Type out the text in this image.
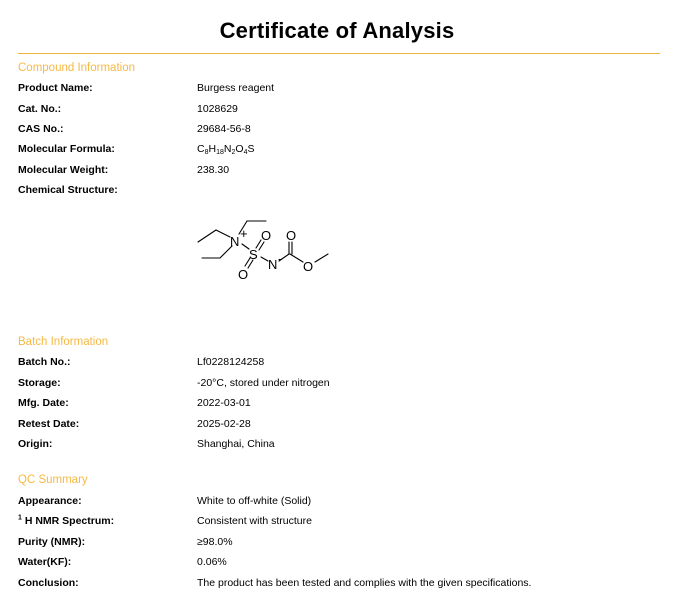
Certificate of Analysis
Compound Information
Product Name:	Burgess reagent
Cat. No.:	1028629
CAS No.:	29684-56-8
Molecular Formula:	$C_8H_{18}N_2O_4S$
Molecular Weight:	238.30
Chemical Structure:
N
+
S
O
O
N -
O
O
Batch Information
Batch No.:	Lf0228124258
Storage:	-20°C, stored under nitrogen
Mfg. Date:	2022-03-01
Retest Date:	2025-02-28
Origin:	Shanghai, China
QC Summary
Appearance:	White to off-white (Solid)
$^1$ H NMR Spectrum:	Consistent with structure
Purity (NMR):	≥98.0%
Water(KF):	0.06%
Conclusion:	The product has been tested and complies with the given specifications.
